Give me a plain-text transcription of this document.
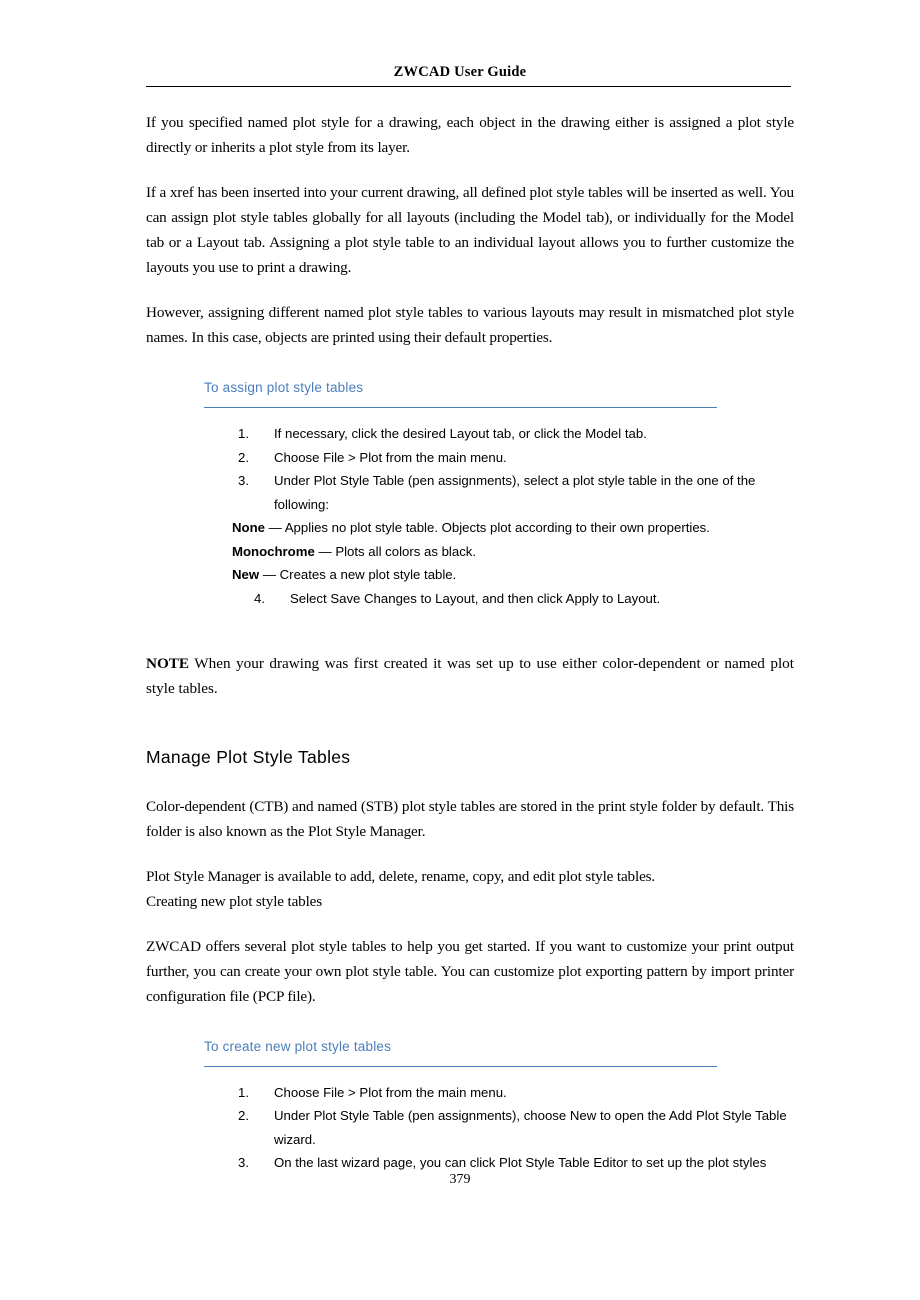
ZWCAD User Guide

If you specified named plot style for a drawing, each object in the drawing either is assigned a plot style directly or inherits a plot style from its layer.

If a xref has been inserted into your current drawing, all defined plot style tables will be inserted as well. You can assign plot style tables globally for all layouts (including the Model tab), or individually for the Model tab or a Layout tab. Assigning a plot style table to an individual layout allows you to further customize the layouts you use to print a drawing.

However, assigning different named plot style tables to various layouts may result in mismatched plot style names. In this case, objects are printed using their default properties.

To assign plot style tables
1.	If necessary, click the desired Layout tab, or click the Model tab.
2.	Choose File > Plot from the main menu.
3.	Under Plot Style Table (pen assignments), select a plot style table in the one of the following:
None — Applies no plot style table. Objects plot according to their own properties.
Monochrome — Plots all colors as black.
New — Creates a new plot style table.
4.	Select Save Changes to Layout, and then click Apply to Layout.

NOTE When your drawing was first created it was set up to use either color-dependent or named plot style tables.

Manage Plot Style Tables

Color-dependent (CTB) and named (STB) plot style tables are stored in the print style folder by default. This folder is also known as the Plot Style Manager.

Plot Style Manager is available to add, delete, rename, copy, and edit plot style tables.

Creating new plot style tables

ZWCAD offers several plot style tables to help you get started. If you want to customize your print output further, you can create your own plot style table. You can customize plot exporting pattern by import printer configuration file (PCP file).

To create new plot style tables
1.	Choose File > Plot from the main menu.
2.	Under Plot Style Table (pen assignments), choose New to open the Add Plot Style Table wizard.
3.	On the last wizard page, you can click Plot Style Table Editor to set up the plot styles
379
